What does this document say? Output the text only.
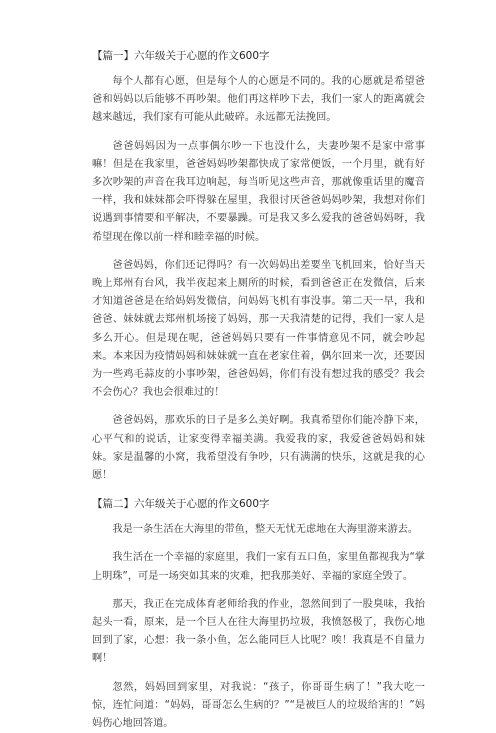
【篇一】六年级关于心愿的作文600字

每个人都有心愿，但是每个人的心愿是不同的。我的心愿就是希望爸爸和妈妈以后能够不再吵架。他们再这样吵下去，我们一家人的距离就会越来越远，我们家有可能从此破碎。永远都无法挽回。

爸爸妈妈因为一点事偶尔吵一下也没什么，夫妻吵架不是家中常事嘛！但是在我家里，爸爸妈妈吵架都快成了家常便饭，一个月里，就有好多次吵架的声音在我耳边响起，每当听见这些声音，那就像重话里的魔音一样，我和妹妹都会吓得躲在屋里，我很讨厌爸爸妈妈吵架，我想对你们说遇到事情要和平解决，不要暴躁。可是我又多么爱我的爸爸妈妈呀，我希望现在像以前一样和睦幸福的时候。

爸爸妈妈，你们还记得吗？有一次妈妈出差要坐飞机回来，恰好当天晚上郑州有台风，我半夜起来上厕所的时候，看到爸爸正在发微信，后来才知道爸爸是在给妈妈发微信，问妈妈飞机有事没事。第二天一早，我和爸爸、妹妹就去郑州机场接了妈妈，那一天我清楚的记得，我们一家人是多么开心。但是现在呢，爸爸妈妈只要有一件事情意见不同，就会吵起来。本来因为疫情妈妈和妹妹就一直在老家住着，偶尔回来一次，还要因为一些鸡毛蒜皮的小事吵架，爸爸妈妈，你们有没有想过我的感受？我会不会伤心？我也会很难过的！

爸爸妈妈，那欢乐的日子是多么美好啊。我真希望你们能冷静下来，心平气和的说话，让家变得幸福美满。我爱我的家，我爱爸爸妈妈和妹妹。家是温馨的小窝，我希望没有争吵，只有满满的快乐，这就是我的心愿！

【篇二】六年级关于心愿的作文600字

我是一条生活在大海里的带鱼，整天无忧无虑地在大海里游来游去。

我生活在一个幸福的家庭里，我们一家有五口鱼，家里鱼都视我为“掌上明珠”，可是一场突如其来的灾难，把我那美好、幸福的家庭全毁了。

那天，我正在完成体育老师给我的作业，忽然间到了一股臭味，我抬起头一看，原来，是一个巨人在往大海里扔垃圾，我愤怒极了，我伤心地回到了家，心想：我一条小鱼，怎么能同巨人比呢？唉！我真是不自量力啊！

忽然，妈妈回到家里，对我说：“孩子，你哥哥生病了！”我大吃一惊，连忙问道：“妈妈，哥哥怎么生病的？”“是被巨人的垃圾给害的！”妈妈伤心地回答道。
